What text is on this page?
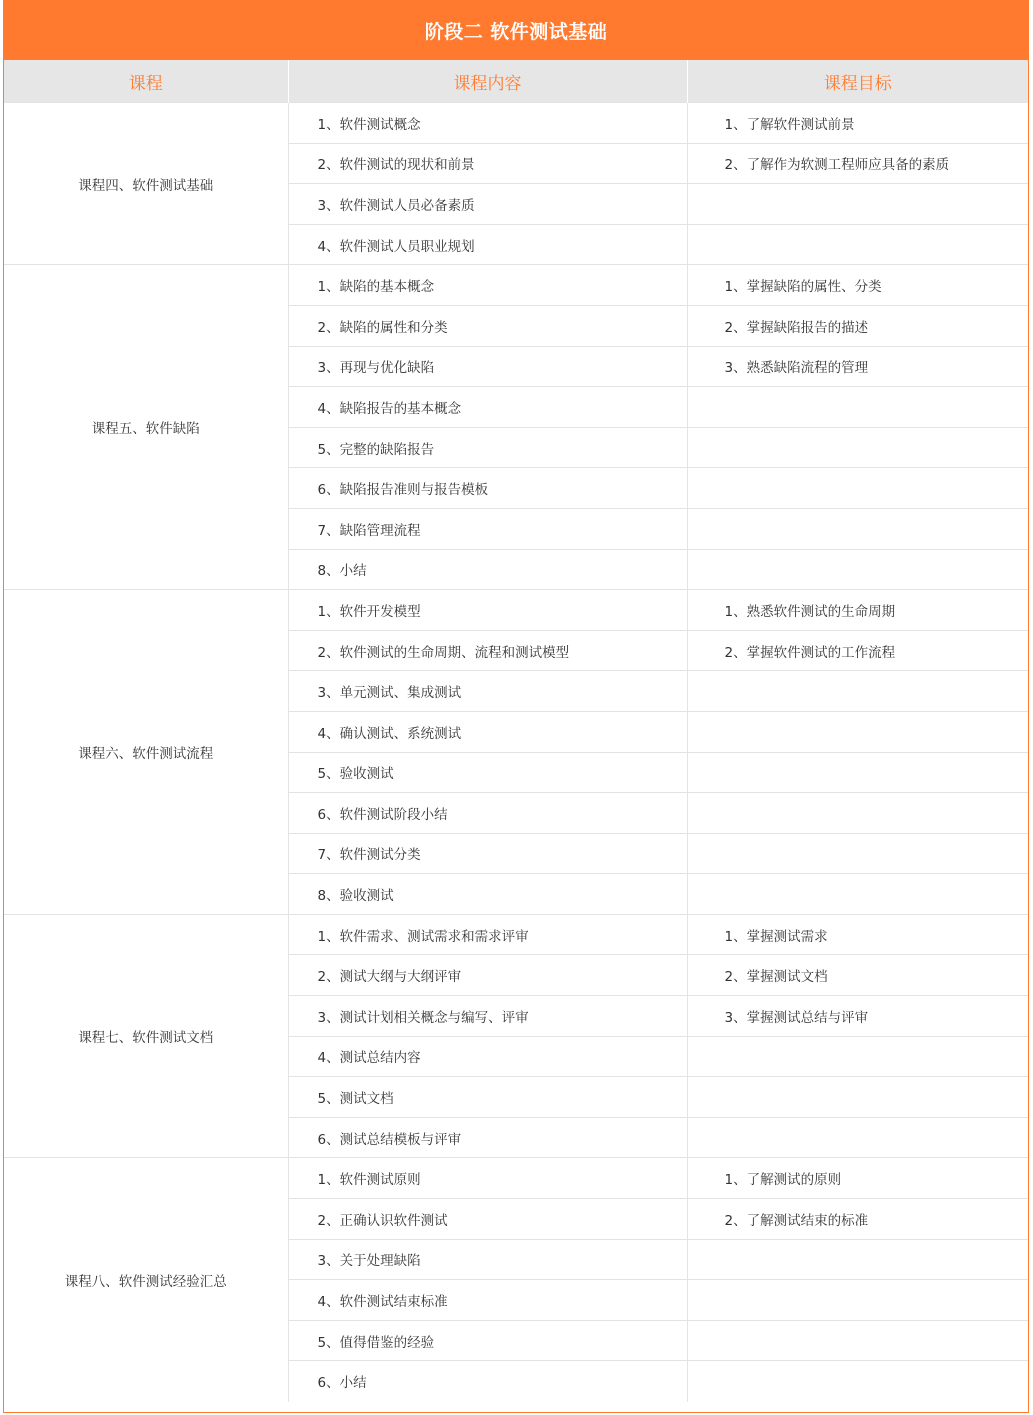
阶段二 软件测试基础
课程	课程内容	课程目标
课程四、软件测试基础	1、软件测试概念	1、了解软件测试前景
	2、软件测试的现状和前景	2、了解作为软测工程师应具备的素质
	3、软件测试人员必备素质	
	4、软件测试人员职业规划	
课程五、软件缺陷	1、缺陷的基本概念	1、掌握缺陷的属性、分类
	2、缺陷的属性和分类	2、掌握缺陷报告的描述
	3、再现与优化缺陷	3、熟悉缺陷流程的管理
	4、缺陷报告的基本概念	
	5、完整的缺陷报告	
	6、缺陷报告准则与报告模板	
	7、缺陷管理流程	
	8、小结	
课程六、软件测试流程	1、软件开发模型	1、熟悉软件测试的生命周期
	2、软件测试的生命周期、流程和测试模型	2、掌握软件测试的工作流程
	3、单元测试、集成测试	
	4、确认测试、系统测试	
	5、验收测试	
	6、软件测试阶段小结	
	7、软件测试分类	
	8、验收测试	
课程七、软件测试文档	1、软件需求、测试需求和需求评审	1、掌握测试需求
	2、测试大纲与大纲评审	2、掌握测试文档
	3、测试计划相关概念与编写、评审	3、掌握测试总结与评审
	4、测试总结内容	
	5、测试文档	
	6、测试总结模板与评审	
课程八、软件测试经验汇总	1、软件测试原则	1、了解测试的原则
	2、正确认识软件测试	2、了解测试结束的标准
	3、关于处理缺陷	
	4、软件测试结束标准	
	5、值得借鉴的经验	
	6、小结	
